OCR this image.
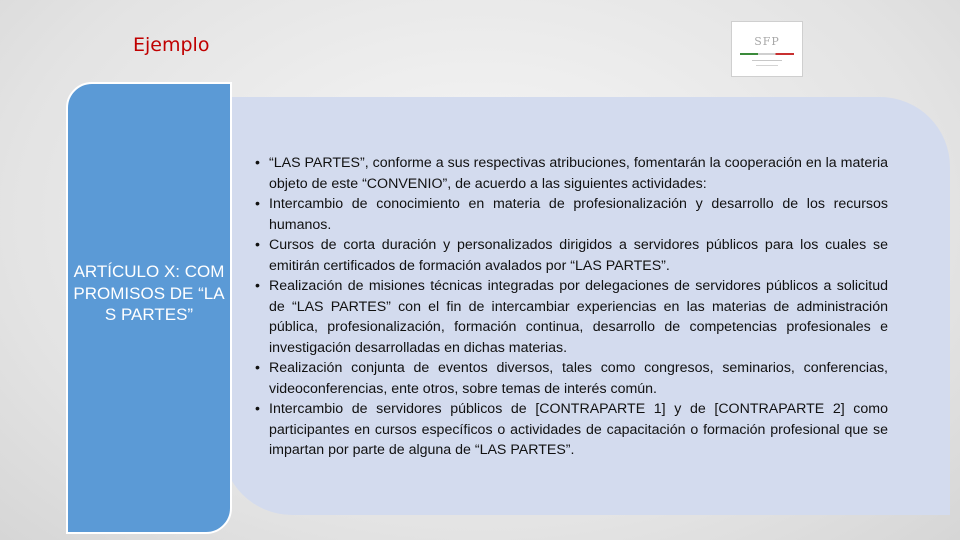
Ejemplo	SFP
• “LAS PARTES”, conforme a sus respectivas atribuciones, fomentarán la cooperación en la materia objeto de este “CONVENIO”, de acuerdo a las siguientes actividades:
• Intercambio de conocimiento en materia de profesionalización y desarrollo de los recursos humanos.
• Cursos de corta duración y personalizados dirigidos a servidores públicos para los cuales se emitirán certificados de formación avalados por “LAS PARTES”.
• Realización de misiones técnicas integradas por delegaciones de servidores públicos a solicitud de “LAS PARTES” con el fin de intercambiar experiencias en las materias de administración pública, profesionalización, formación continua, desarrollo de competencias profesionales e investigación desarrolladas en dichas materias.
• Realización conjunta de eventos diversos, tales como congresos, seminarios, conferencias, videoconferencias, ente otros, sobre temas de interés común.
• Intercambio de servidores públicos de [CONTRAPARTE 1] y de [CONTRAPARTE 2] como participantes en cursos específicos o actividades de capacitación o formación profesional que se impartan por parte de alguna de “LAS PARTES”.
ARTÍCULO X: COMPROMISOS DE “LAS PARTES”
